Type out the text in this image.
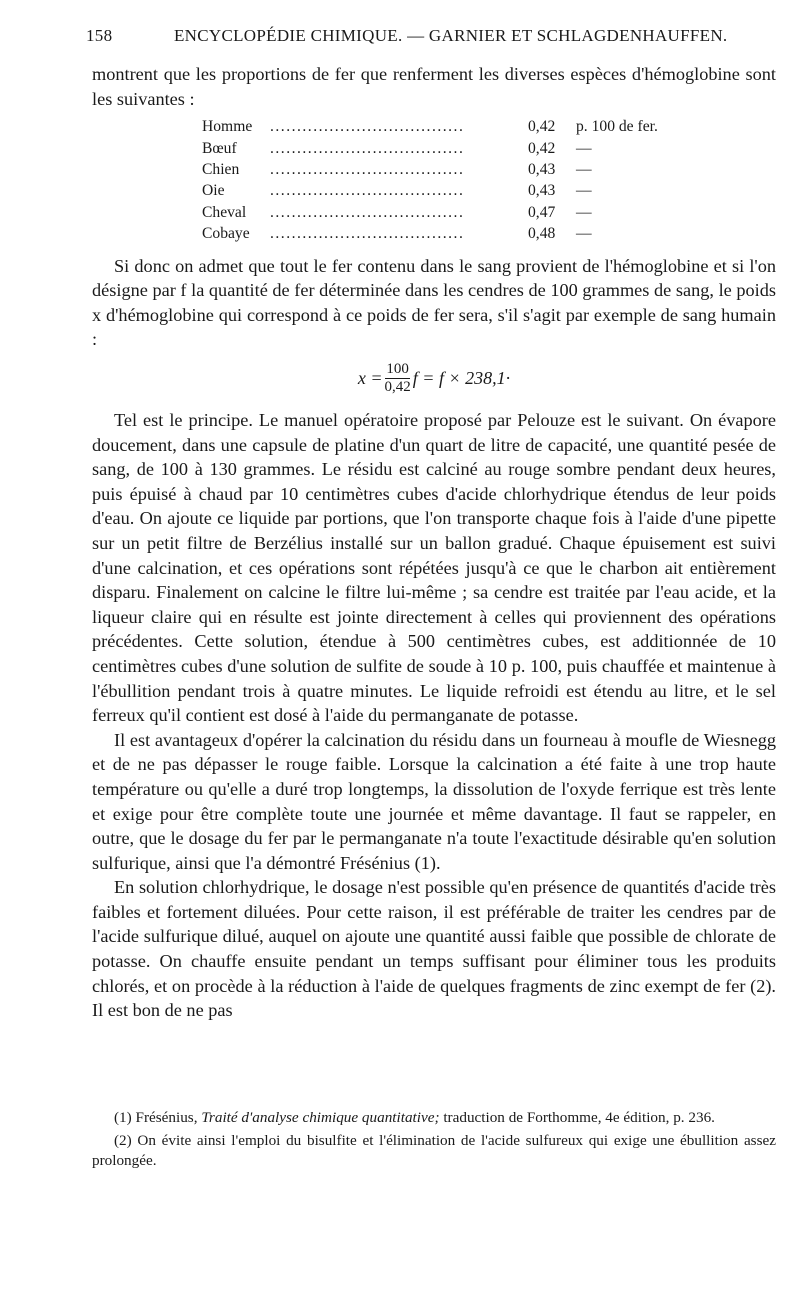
158	ENCYCLOPÉDIE CHIMIQUE. — GARNIER ET SCHLAGDENHAUFFEN.

montrent que les proportions de fer que renferment les diverses espèces d'hémoglobine sont les suivantes :

Homme	....................................	0,42	p. 100 de fer.
Bœuf	....................................	0,42	—
Chien	....................................	0,43	—
Oie	....................................	0,43	—
Cheval	....................................	0,47	—
Cobaye	....................................	0,48	—

Si donc on admet que tout le fer contenu dans le sang provient de l'hémoglobine et si l'on désigne par f la quantité de fer déterminée dans les cendres de 100 grammes de sang, le poids x d'hémoglobine qui correspond à ce poids de fer sera, s'il s'agit par exemple de sang humain :

$x = \frac{100}{0,42}$ f = f × 238,1·

Tel est le principe. Le manuel opératoire proposé par Pelouze est le suivant. On évapore doucement, dans une capsule de platine d'un quart de litre de capacité, une quantité pesée de sang, de 100 à 130 grammes. Le résidu est calciné au rouge sombre pendant deux heures, puis épuisé à chaud par 10 centimètres cubes d'acide chlorhydrique étendus de leur poids d'eau. On ajoute ce liquide par portions, que l'on transporte chaque fois à l'aide d'une pipette sur un petit filtre de Berzélius installé sur un ballon gradué. Chaque épuisement est suivi d'une calcination, et ces opérations sont répétées jusqu'à ce que le charbon ait entièrement disparu. Finalement on calcine le filtre lui-même ; sa cendre est traitée par l'eau acide, et la liqueur claire qui en résulte est jointe directement à celles qui proviennent des opérations précédentes. Cette solution, étendue à 500 centimètres cubes, est additionnée de 10 centimètres cubes d'une solution de sulfite de soude à 10 p. 100, puis chauffée et maintenue à l'ébullition pendant trois à quatre minutes. Le liquide refroidi est étendu au litre, et le sel ferreux qu'il contient est dosé à l'aide du permanganate de potasse.

Il est avantageux d'opérer la calcination du résidu dans un fourneau à moufle de Wiesnegg et de ne pas dépasser le rouge faible. Lorsque la calcination a été faite à une trop haute température ou qu'elle a duré trop longtemps, la dissolution de l'oxyde ferrique est très lente et exige pour être complète toute une journée et même davantage. Il faut se rappeler, en outre, que le dosage du fer par le permanganate n'a toute l'exactitude désirable qu'en solution sulfurique, ainsi que l'a démontré Frésénius (1).

En solution chlorhydrique, le dosage n'est possible qu'en présence de quantités d'acide très faibles et fortement diluées. Pour cette raison, il est préférable de traiter les cendres par de l'acide sulfurique dilué, auquel on ajoute une quantité aussi faible que possible de chlorate de potasse. On chauffe ensuite pendant un temps suffisant pour éliminer tous les produits chlorés, et on procède à la réduction à l'aide de quelques fragments de zinc exempt de fer (2). Il est bon de ne pas

(1) Frésénius, Traité d'analyse chimique quantitative; traduction de Forthomme, 4e édition, p. 236.

(2) On évite ainsi l'emploi du bisulfite et l'élimination de l'acide sulfureux qui exige une ébullition assez prolongée.
